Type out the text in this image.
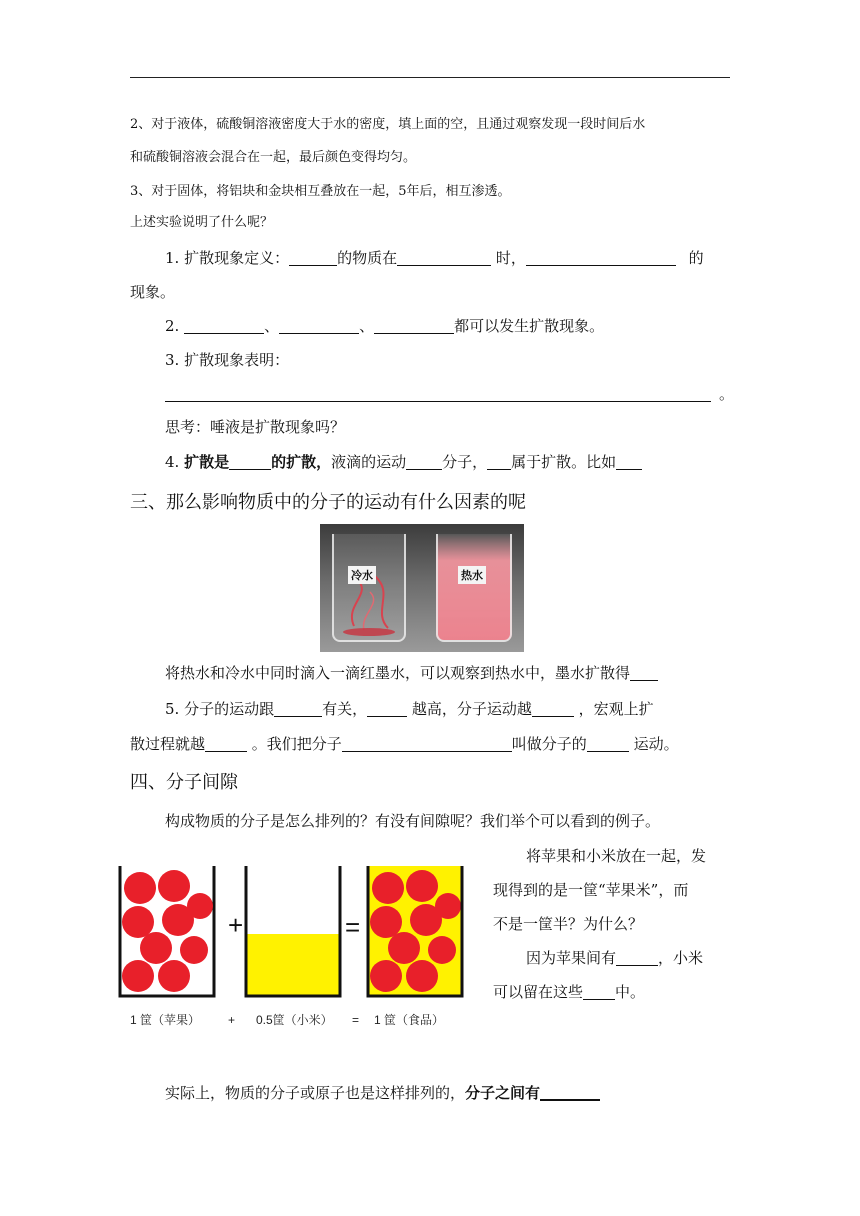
2、对于液体，硫酸铜溶液密度大于水的密度，填上面的空，且通过观察发现一段时间后水
和硫酸铜溶液会混合在一起，最后颜色变得均匀。
3、对于固体，将铝块和金块相互叠放在一起，5年后，相互渗透。
上述实验说明了什么呢？
1. 扩散现象定义：	的物质在	时，	的
现象。
2.	、	、	都可以发生扩散现象。
3. 扩散现象表明：
。
思考：唾液是扩散现象吗？
4. 扩散是	的扩散，液滴的运动 分子， 属于扩散。比如
三、那么影响物质中的分子的运动有什么因素的呢
冷水	热水
将热水和冷水中同时滴入一滴红墨水，可以观察到热水中，墨水扩散得
5. 分子的运动跟	有关，	越高，分子运动越	，宏观上扩
散过程就越	。我们把分子	叫做分子的	运动。
四、分子间隙
构成物质的分子是怎么排列的？有没有间隙呢？我们举个可以看到的例子。
将苹果和小米放在一起，发
现得到的是一筐“苹果米”，而
不是一筐半？为什么？
因为苹果间有	，小米
可以留在这些 中。
+	=
1 筐（苹果） + 0.5筐（小米） = 1 筐（食品）
实际上，物质的分子或原子也是这样排列的，分子之间有
